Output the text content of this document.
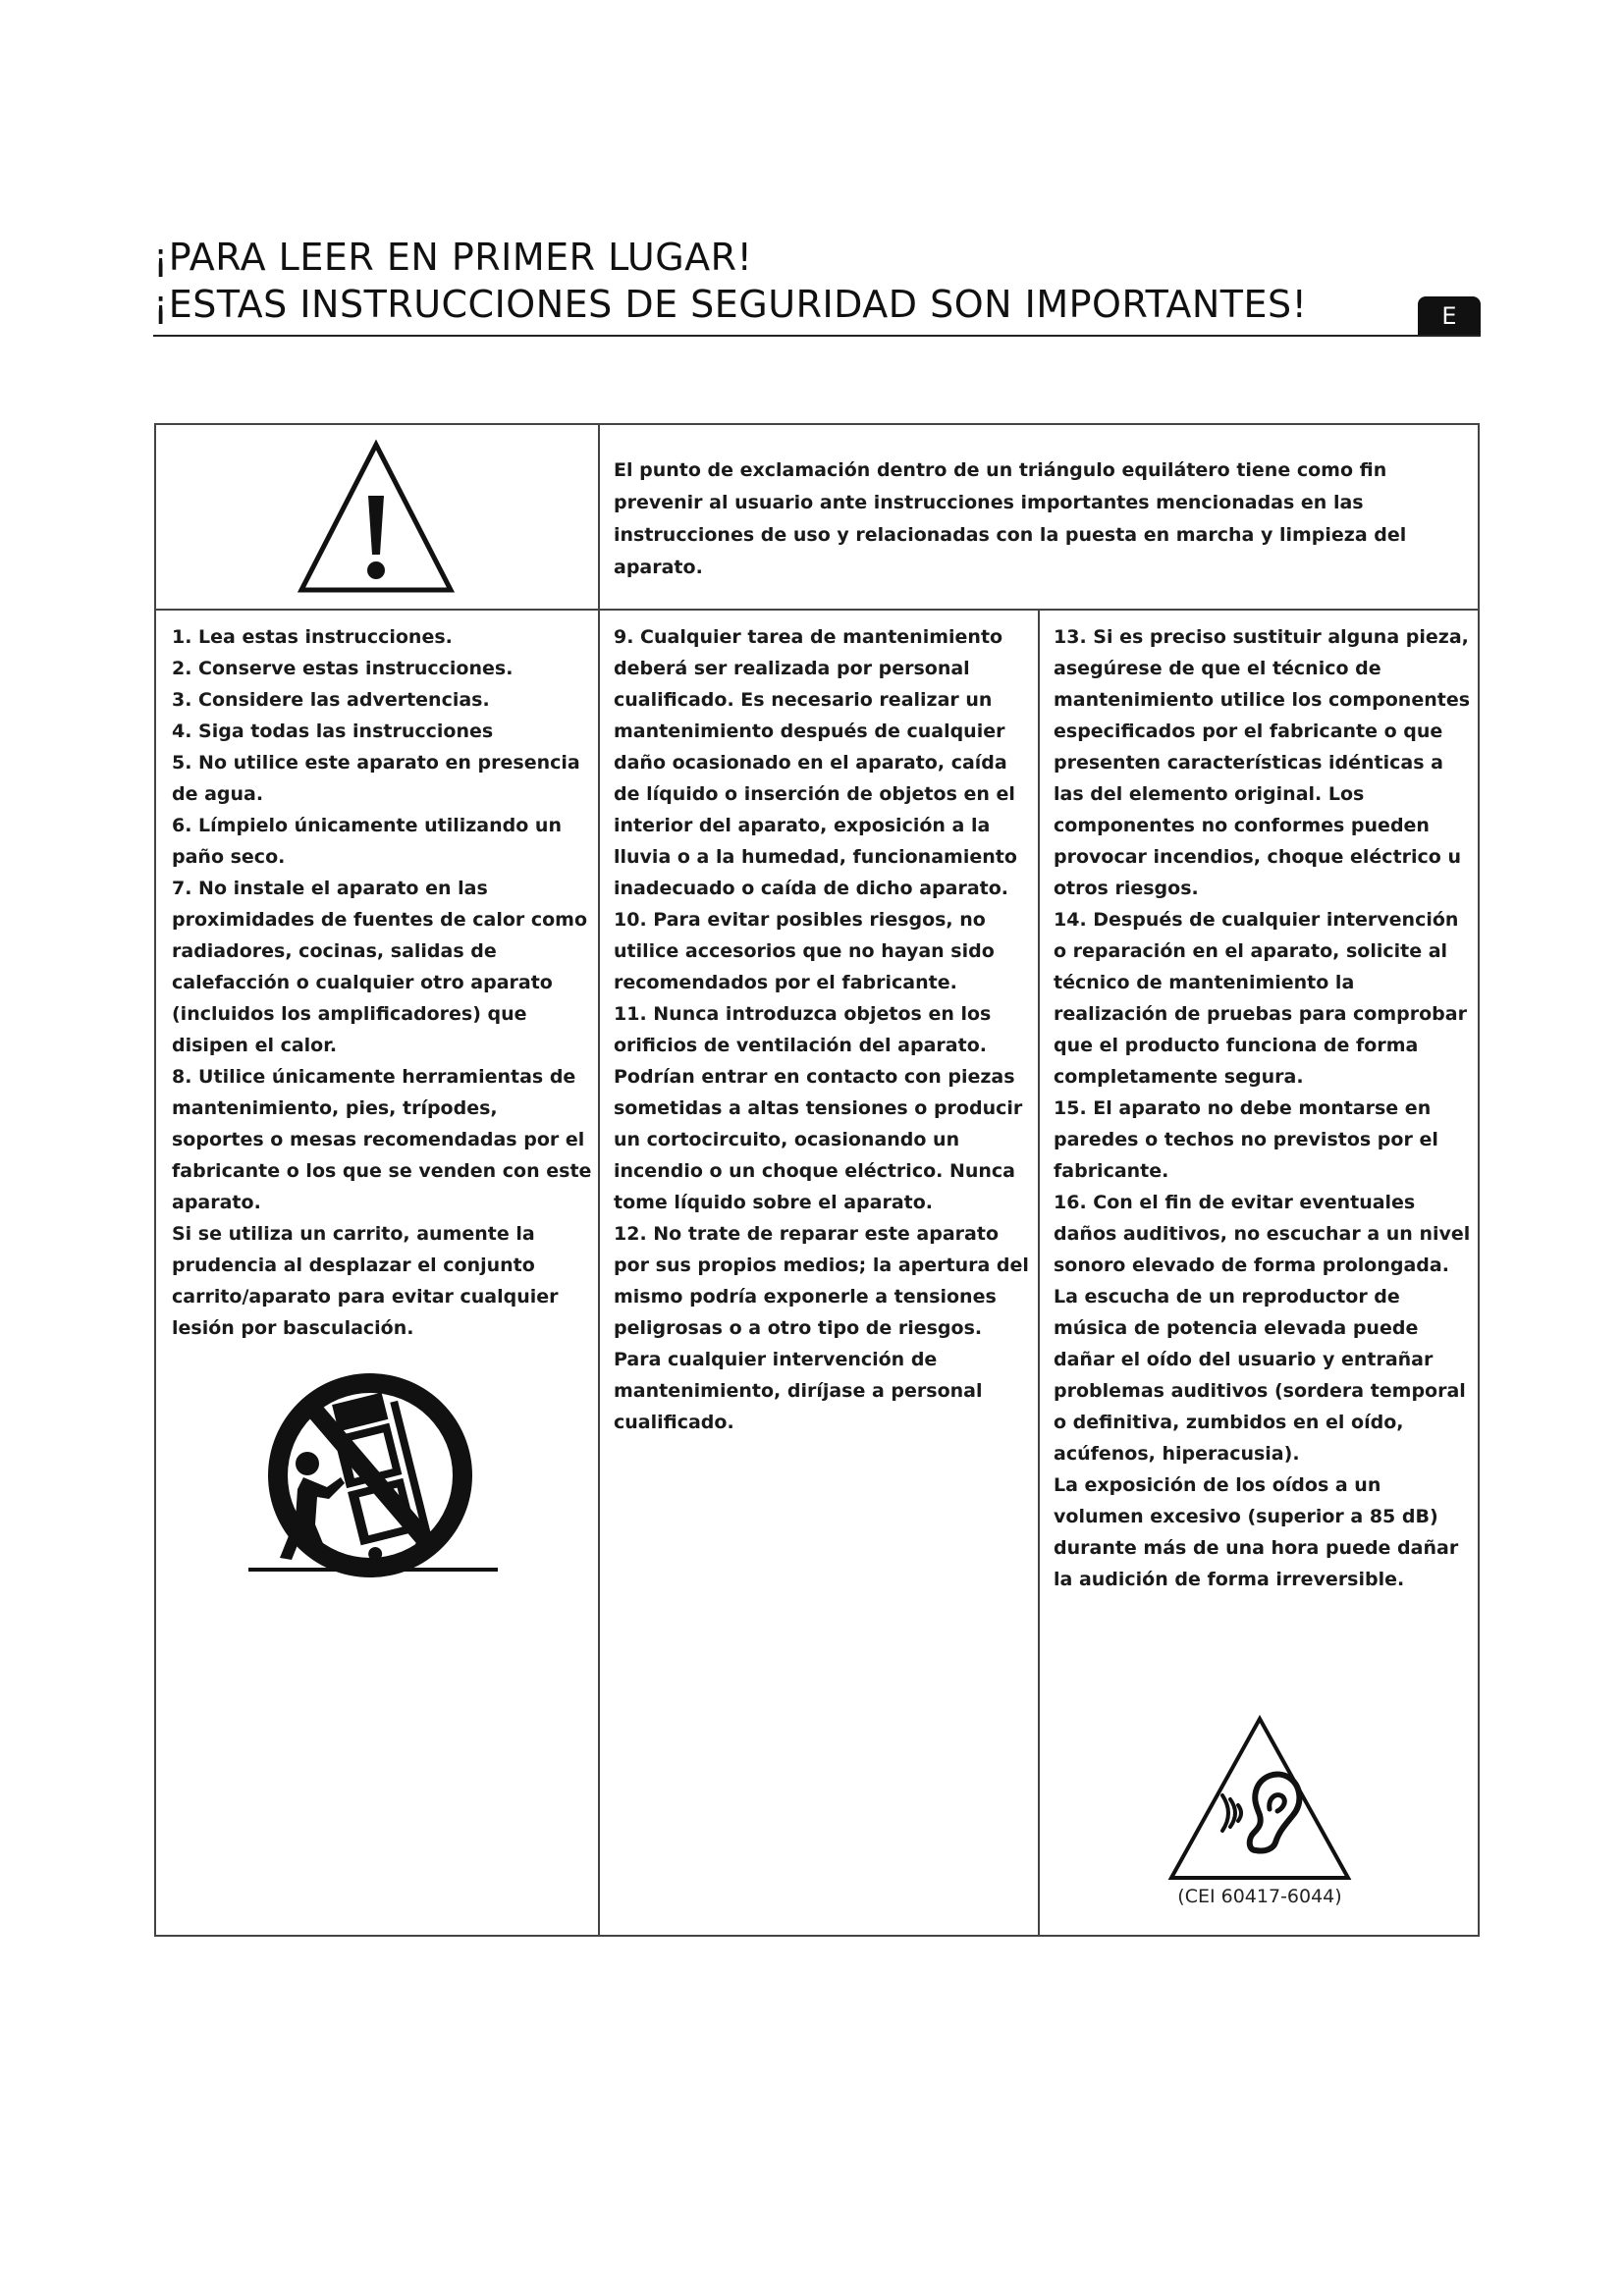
¡PARA LEER EN PRIMER LUGAR!
¡ESTAS INSTRUCCIONES DE SEGURIDAD SON IMPORTANTES!	E
El punto de exclamación dentro de un triángulo equilátero tiene como fin prevenir al usuario ante instrucciones importantes mencionadas en las instrucciones de uso y relacionadas con la puesta en marcha y limpieza del aparato.

1. Lea estas instrucciones.

2. Conserve estas instrucciones.

3. Considere las advertencias.

4. Siga todas las instrucciones

5. No utilice este aparato en presencia de agua.

6. Límpielo únicamente utilizando un paño seco.

7. No instale el aparato en las proximidades de fuentes de calor como radiadores, cocinas, salidas de calefacción o cualquier otro aparato (incluidos los amplificadores) que disipen el calor.

8. Utilice únicamente herramientas de mantenimiento, pies, trípodes, soportes o mesas recomendadas por el fabricante o los que se venden con este aparato.

Si se utiliza un carrito, aumente la prudencia al desplazar el conjunto carrito/aparato para evitar cualquier lesión por basculación.

9. Cualquier tarea de mantenimiento deberá ser realizada por personal cualificado. Es necesario realizar un mantenimiento después de cualquier daño ocasionado en el aparato, caída de líquido o inserción de objetos en el interior del aparato, exposición a la lluvia o a la humedad, funcionamiento inadecuado o caída de dicho aparato.

10. Para evitar posibles riesgos, no utilice accesorios que no hayan sido recomendados por el fabricante.

11. Nunca introduzca objetos en los orificios de ventilación del aparato. Podrían entrar en contacto con piezas sometidas a altas tensiones o producir un cortocircuito, ocasionando un incendio o un choque eléctrico. Nunca tome líquido sobre el aparato.

12. No trate de reparar este aparato por sus propios medios; la apertura del mismo podría exponerle a tensiones peligrosas o a otro tipo de riesgos. Para cualquier intervención de mantenimiento, diríjase a personal cualificado.

13. Si es preciso sustituir alguna pieza, asegúrese de que el técnico de mantenimiento utilice los componentes especificados por el fabricante o que presenten características idénticas a las del elemento original. Los componentes no conformes pueden provocar incendios, choque eléctrico u otros riesgos.

14. Después de cualquier intervención o reparación en el aparato, solicite al técnico de mantenimiento la realización de pruebas para comprobar que el producto funciona de forma completamente segura.

15. El aparato no debe montarse en paredes o techos no previstos por el fabricante.

16. Con el fin de evitar eventuales daños auditivos, no escuchar a un nivel sonoro elevado de forma prolongada.

La escucha de un reproductor de música de potencia elevada puede dañar el oído del usuario y entrañar problemas auditivos (sordera temporal o definitiva, zumbidos en el oído, acúfenos, hiperacusia).

La exposición de los oídos a un volumen excesivo (superior a 85 dB) durante más de una hora puede dañar la audición de forma irreversible.

(CEI 60417-6044)
